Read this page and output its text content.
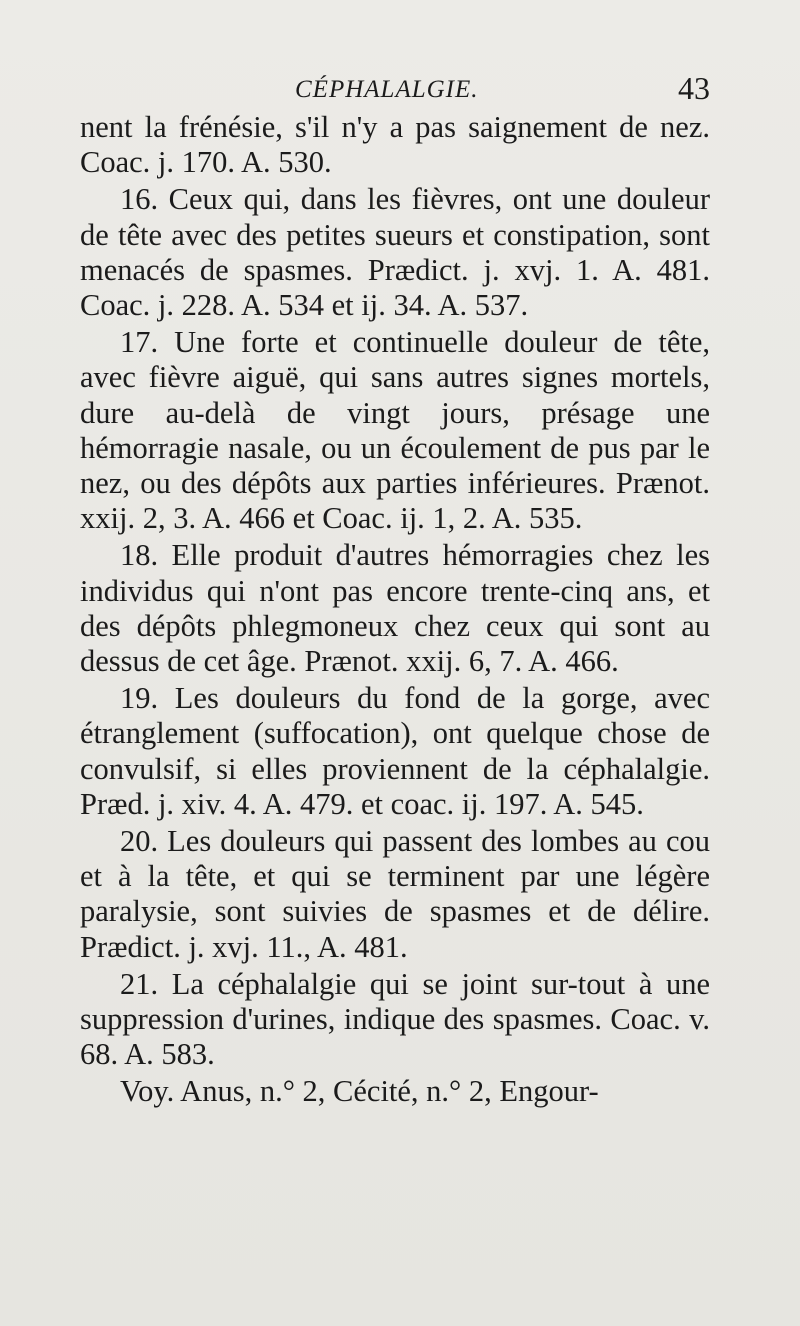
CÉPHALALGIE.	43

nent la frénésie, s'il n'y a pas saignement de nez. Coac. j. 170. A. 530.

16. Ceux qui, dans les fièvres, ont une douleur de tête avec des petites sueurs et constipation, sont menacés de spasmes. Prædict. j. xvj. 1. A. 481. Coac. j. 228. A. 534 et ij. 34. A. 537.

17. Une forte et continuelle douleur de tête, avec fièvre aiguë, qui sans autres signes mortels, dure au-delà de vingt jours, présage une hémorragie nasale, ou un écoulement de pus par le nez, ou des dépôts aux parties inférieures. Prænot. xxij. 2, 3. A. 466 et Coac. ij. 1, 2. A. 535.

18. Elle produit d'autres hémorragies chez les individus qui n'ont pas encore trente-cinq ans, et des dépôts phlegmoneux chez ceux qui sont au dessus de cet âge. Prænot. xxij. 6, 7. A. 466.

19. Les douleurs du fond de la gorge, avec étranglement (suffocation), ont quelque chose de convulsif, si elles proviennent de la céphalalgie. Præd. j. xiv. 4. A. 479. et coac. ij. 197. A. 545.

20. Les douleurs qui passent des lombes au cou et à la tête, et qui se terminent par une légère paralysie, sont suivies de spasmes et de délire. Prædict. j. xvj. 11., A. 481.

21. La céphalalgie qui se joint sur-tout à une suppression d'urines, indique des spasmes. Coac. v. 68. A. 583.

Voy. Anus, n.° 2, Cécité, n.° 2, Engour-
